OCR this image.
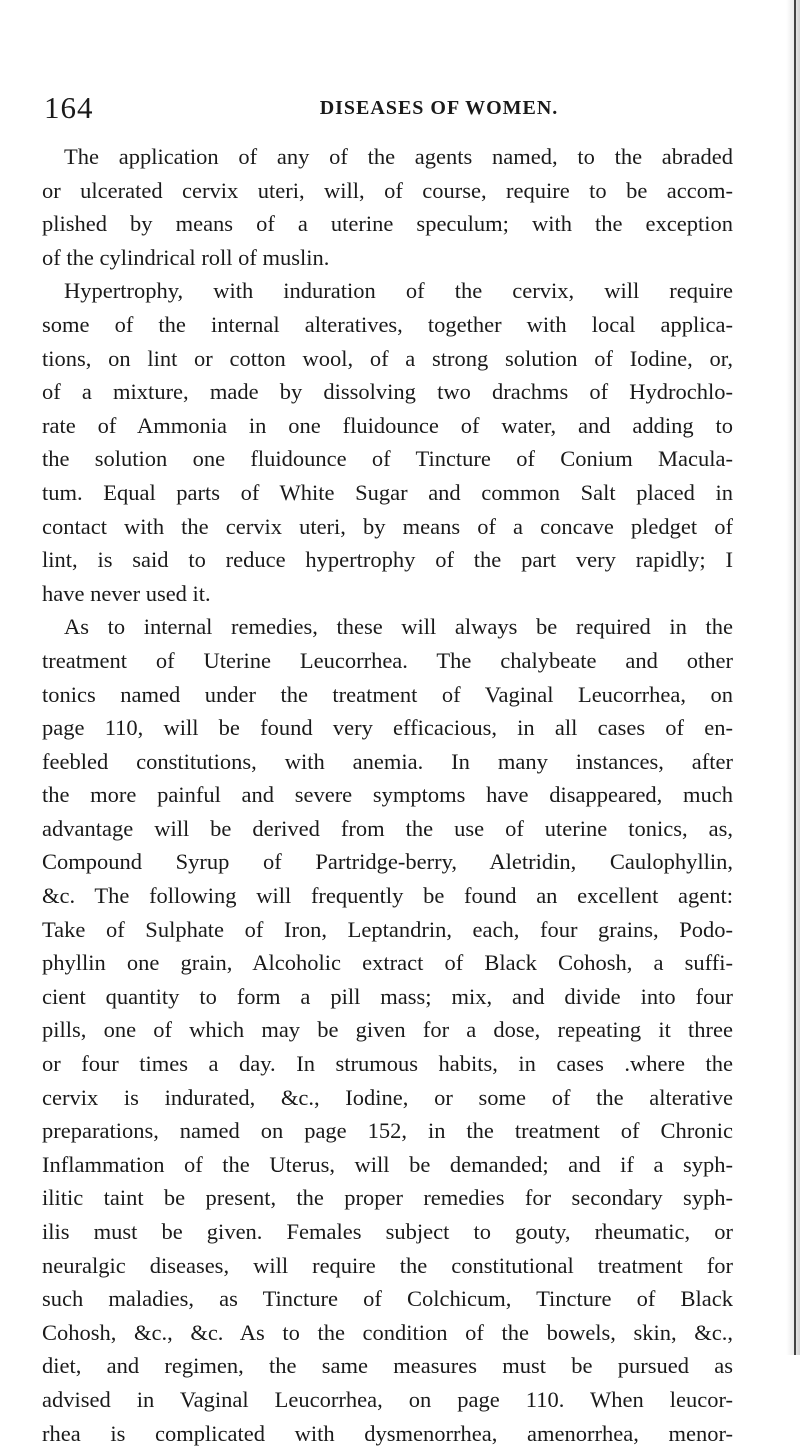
164	DISEASES OF WOMEN.
The application of any of the agents named, to the abraded
or ulcerated cervix uteri, will, of course, require to be accom-
plished by means of a uterine speculum; with the exception
of the cylindrical roll of muslin.
Hypertrophy, with induration of the cervix, will require
some of the internal alteratives, together with local applica-
tions, on lint or cotton wool, of a strong solution of Iodine, or,
of a mixture, made by dissolving two drachms of Hydrochlo-
rate of Ammonia in one fluidounce of water, and adding to
the solution one fluidounce of Tincture of Conium Macula-
tum. Equal parts of White Sugar and common Salt placed in
contact with the cervix uteri, by means of a concave pledget of
lint, is said to reduce hypertrophy of the part very rapidly; I
have never used it.
As to internal remedies, these will always be required in the
treatment of Uterine Leucorrhea. The chalybeate and other
tonics named under the treatment of Vaginal Leucorrhea, on
page 110, will be found very efficacious, in all cases of en-
feebled constitutions, with anemia. In many instances, after
the more painful and severe symptoms have disappeared, much
advantage will be derived from the use of uterine tonics, as,
Compound Syrup of Partridge-berry, Aletridin, Caulophyllin,
&c. The following will frequently be found an excellent agent:
Take of Sulphate of Iron, Leptandrin, each, four grains, Podo-
phyllin one grain, Alcoholic extract of Black Cohosh, a suffi-
cient quantity to form a pill mass; mix, and divide into four
pills, one of which may be given for a dose, repeating it three
or four times a day. In strumous habits, in cases .where the
cervix is indurated, &c., Iodine, or some of the alterative
preparations, named on page 152, in the treatment of Chronic
Inflammation of the Uterus, will be demanded; and if a syph-
ilitic taint be present, the proper remedies for secondary syph-
ilis must be given. Females subject to gouty, rheumatic, or
neuralgic diseases, will require the constitutional treatment for
such maladies, as Tincture of Colchicum, Tincture of Black
Cohosh, &c., &c. As to the condition of the bowels, skin, &c.,
diet, and regimen, the same measures must be pursued as
advised in Vaginal Leucorrhea, on page 110. When leucor-
rhea is complicated with dysmenorrhea, amenorrhea, menor-
